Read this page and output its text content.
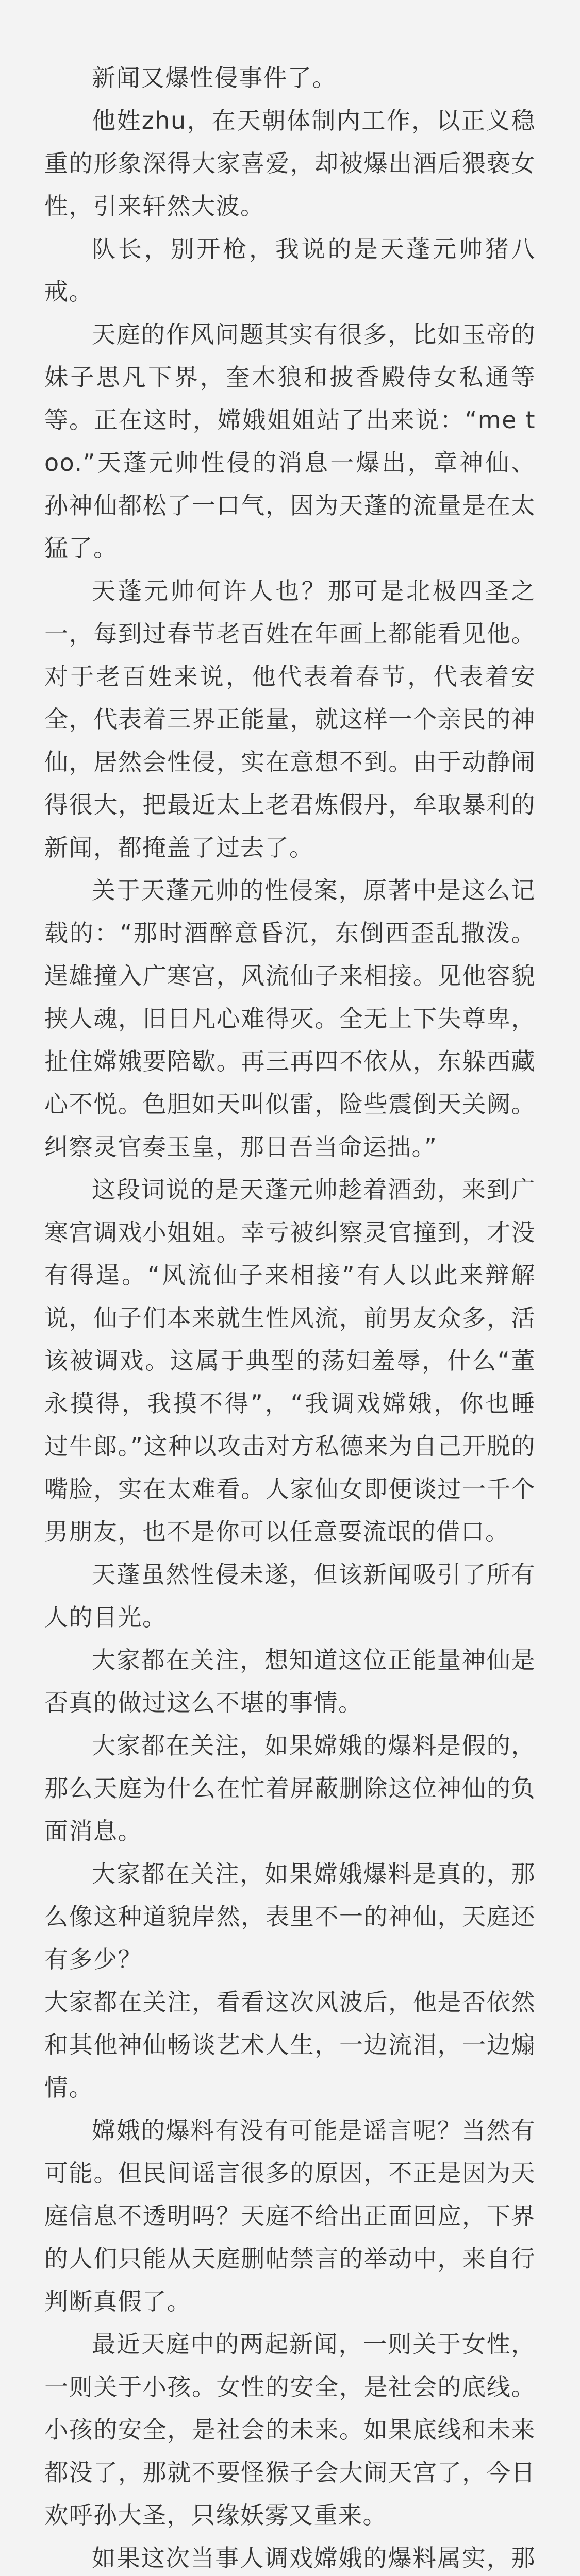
新闻又爆性侵事件了。

他姓zhu，在天朝体制内工作，以正义稳重的形象深得大家喜爱，却被爆出酒后猥亵女性，引来轩然大波。

队长，别开枪，我说的是天蓬元帅猪八戒。

天庭的作风问题其实有很多，比如玉帝的妹子思凡下界，奎木狼和披香殿侍女私通等等。正在这时，嫦娥姐姐站了出来说：“me too.”天蓬元帅性侵的消息一爆出，章神仙、孙神仙都松了一口气，因为天蓬的流量是在太猛了。

天蓬元帅何许人也？那可是北极四圣之一，每到过春节老百姓在年画上都能看见他。对于老百姓来说，他代表着春节，代表着安全，代表着三界正能量，就这样一个亲民的神仙，居然会性侵，实在意想不到。由于动静闹得很大，把最近太上老君炼假丹，牟取暴利的新闻，都掩盖了过去了。

关于天蓬元帅的性侵案，原著中是这么记载的：“那时酒醉意昏沉，东倒西歪乱撒泼。逞雄撞入广寒宫，风流仙子来相接。见他容貌挟人魂，旧日凡心难得灭。全无上下失尊卑，扯住嫦娥要陪歇。再三再四不依从，东躲西藏心不悦。色胆如天叫似雷，险些震倒天关阙。纠察灵官奏玉皇，那日吾当命运拙。”

这段词说的是天蓬元帅趁着酒劲，来到广寒宫调戏小姐姐。幸亏被纠察灵官撞到，才没有得逞。“风流仙子来相接”有人以此来辩解说，仙子们本来就生性风流，前男友众多，活该被调戏。这属于典型的荡妇羞辱，什么“董永摸得，我摸不得”，“我调戏嫦娥，你也睡过牛郎。”这种以攻击对方私德来为自己开脱的嘴脸，实在太难看。人家仙女即便谈过一千个男朋友，也不是你可以任意耍流氓的借口。

天蓬虽然性侵未遂，但该新闻吸引了所有人的目光。

大家都在关注，想知道这位正能量神仙是否真的做过这么不堪的事情。

大家都在关注，如果嫦娥的爆料是假的，那么天庭为什么在忙着屏蔽删除这位神仙的负面消息。

大家都在关注，如果嫦娥爆料是真的，那么像这种道貌岸然，表里不一的神仙，天庭还有多少？

大家都在关注，看看这次风波后，他是否依然和其他神仙畅谈艺术人生，一边流泪，一边煽情。

嫦娥的爆料有没有可能是谣言呢？当然有可能。但民间谣言很多的原因，不正是因为天庭信息不透明吗？天庭不给出正面回应，下界的人们只能从天庭删帖禁言的举动中，来自行判断真假了。

最近天庭中的两起新闻，一则关于女性，一则关于小孩。女性的安全，是社会的底线。小孩的安全，是社会的未来。如果底线和未来都没了，那就不要怪猴子会大闹天宫了，今日欢呼孙大圣，只缘妖雾又重来。

如果这次当事人调戏嫦娥的爆料属实，那
